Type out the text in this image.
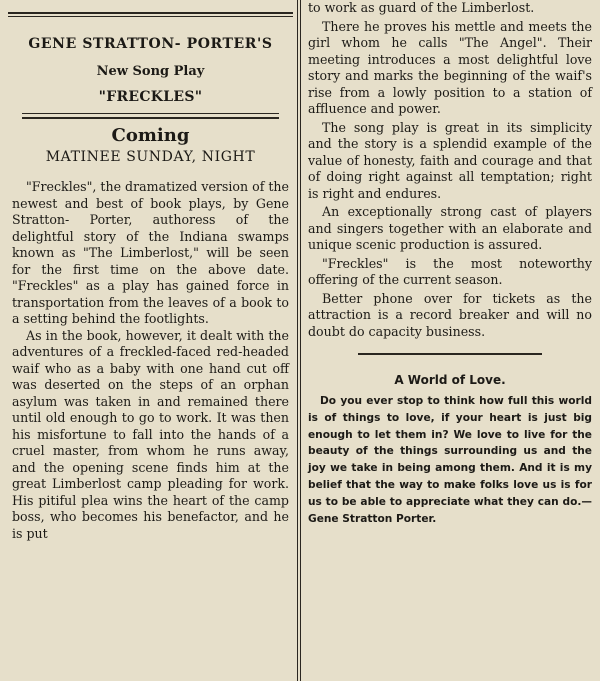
GENE STRATTON- PORTER'S
New Song Play
"FRECKLES"
Coming
MATINEE SUNDAY, NIGHT

"Freckles", the dramatized version of the newest and best of book plays, by Gene Stratton- Porter, authoress of the delightful story of the Indiana swamps known as "The Limberlost," will be seen for the first time on the above date. "Freckles" as a play has gained force in transportation from the leaves of a book to a setting behind the footlights.

As in the book, however, it dealt with the adventures of a freckled-faced red-headed waif who as a baby with one hand cut off was deserted on the steps of an orphan asylum was taken in and remained there until old enough to go to work. It was then his misfortune to fall into the hands of a cruel master, from whom he runs away, and the opening scene finds him at the great Limberlost camp pleading for work. His pitiful plea wins the heart of the camp boss, who becomes his benefactor, and he is put

to work as guard of the Limberlost.

There he proves his mettle and meets the girl whom he calls "The Angel". Their meeting introduces a most delightful love story and marks the beginning of the waif's rise from a lowly position to a station of affluence and power.

The song play is great in its simplicity and the story is a splendid example of the value of honesty, faith and courage and that of doing right against all temptation; right is right and endures.

An exceptionally strong cast of players and singers together with an elaborate and unique scenic production is assured.

"Freckles" is the most noteworthy offering of the current season.

Better phone over for tickets as the attraction is a record breaker and will no doubt do capacity business.

A World of Love.

Do you ever stop to think how full this world is of things to love, if your heart is just big enough to let them in? We love to live for the beauty of the things surrounding us and the joy we take in being among them. And it is my belief that the way to make folks love us is for us to be able to appreciate what they can do.— Gene Stratton Porter.
